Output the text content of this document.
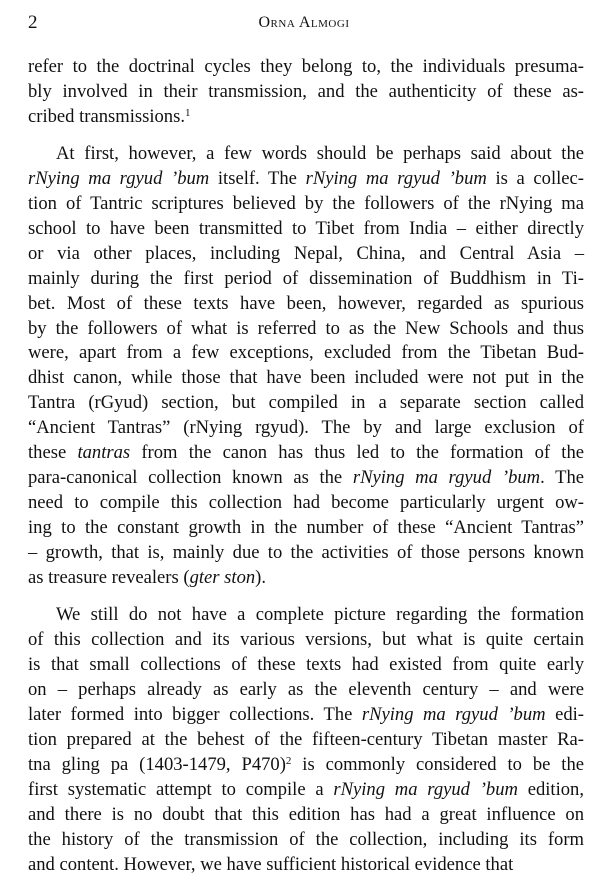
2	Orna Almogi
refer to the doctrinal cycles they belong to, the individuals presuma-
bly involved in their transmission, and the authenticity of these as-
cribed transmissions.$^1$
At first, however, a few words should be perhaps said about the
rNying ma rgyud ’bum itself. The rNying ma rgyud ’bum is a collec-
tion of Tantric scriptures believed by the followers of the rNying ma
school to have been transmitted to Tibet from India – either directly
or via other places, including Nepal, China, and Central Asia –
mainly during the first period of dissemination of Buddhism in Ti-
bet. Most of these texts have been, however, regarded as spurious
by the followers of what is referred to as the New Schools and thus
were, apart from a few exceptions, excluded from the Tibetan Bud-
dhist canon, while those that have been included were not put in the
Tantra (rGyud) section, but compiled in a separate section called
“Ancient Tantras” (rNying rgyud). The by and large exclusion of
these tantras from the canon has thus led to the formation of the
para-canonical collection known as the rNying ma rgyud ’bum. The
need to compile this collection had become particularly urgent ow-
ing to the constant growth in the number of these “Ancient Tantras”
– growth, that is, mainly due to the activities of those persons known
as treasure revealers (gter ston).
We still do not have a complete picture regarding the formation
of this collection and its various versions, but what is quite certain
is that small collections of these texts had existed from quite early
on – perhaps already as early as the eleventh century – and were
later formed into bigger collections. The rNying ma rgyud ’bum edi-
tion prepared at the behest of the fifteen-century Tibetan master Ra-
tna gling pa (1403-1479, P470)$^2$ is commonly considered to be the
first systematic attempt to compile a rNying ma rgyud ’bum edition,
and there is no doubt that this edition has had a great influence on
the history of the transmission of the collection, including its form
and content. However, we have sufficient historical evidence that
